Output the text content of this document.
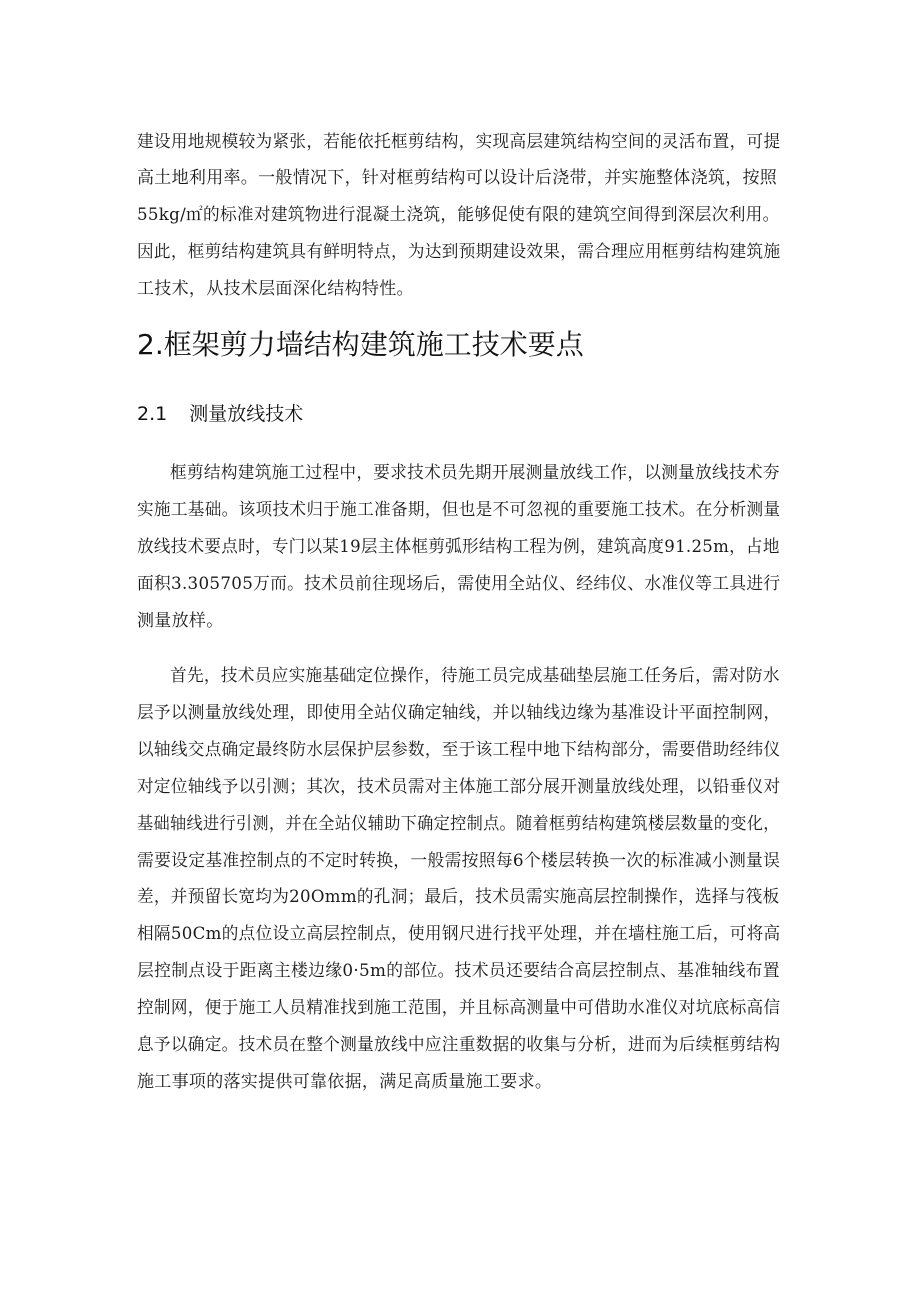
建设用地规模较为紧张，若能依托框剪结构，实现高层建筑结构空间的灵活布置，可提
高土地利用率。一般情况下，针对框剪结构可以设计后浇带，并实施整体浇筑，按照
55kg∕㎡的标准对建筑物进行混凝土浇筑，能够促使有限的建筑空间得到深层次利用。
因此，框剪结构建筑具有鲜明特点，为达到预期建设效果，需合理应用框剪结构建筑施
工技术，从技术层面深化结构特性。
2.框架剪力墙结构建筑施工技术要点
2.1 测量放线技术
框剪结构建筑施工过程中，要求技术员先期开展测量放线工作，以测量放线技术夯
实施工基础。该项技术归于施工准备期，但也是不可忽视的重要施工技术。在分析测量
放线技术要点时，专门以某19层主体框剪弧形结构工程为例，建筑高度91.25m，占地
面积3.305705万而。技术员前往现场后，需使用全站仪、经纬仪、水准仪等工具进行
测量放样。
首先，技术员应实施基础定位操作，待施工员完成基础垫层施工任务后，需对防水
层予以测量放线处理，即使用全站仪确定轴线，并以轴线边缘为基准设计平面控制网，
以轴线交点确定最终防水层保护层参数，至于该工程中地下结构部分，需要借助经纬仪
对定位轴线予以引测；其次，技术员需对主体施工部分展开测量放线处理，以铅垂仪对
基础轴线进行引测，并在全站仪辅助下确定控制点。随着框剪结构建筑楼层数量的变化，
需要设定基准控制点的不定时转换，一般需按照每6个楼层转换一次的标准减小测量误
差，并预留长宽均为20Omm的孔洞；最后，技术员需实施高层控制操作，选择与筏板
相隔50Cm的点位设立高层控制点，使用钢尺进行找平处理，并在墙柱施工后，可将高
层控制点设于距离主楼边缘0·5m的部位。技术员还要结合高层控制点、基准轴线布置
控制网，便于施工人员精准找到施工范围，并且标高测量中可借助水准仪对坑底标高信
息予以确定。技术员在整个测量放线中应注重数据的收集与分析，进而为后续框剪结构
施工事项的落实提供可靠依据，满足高质量施工要求。
